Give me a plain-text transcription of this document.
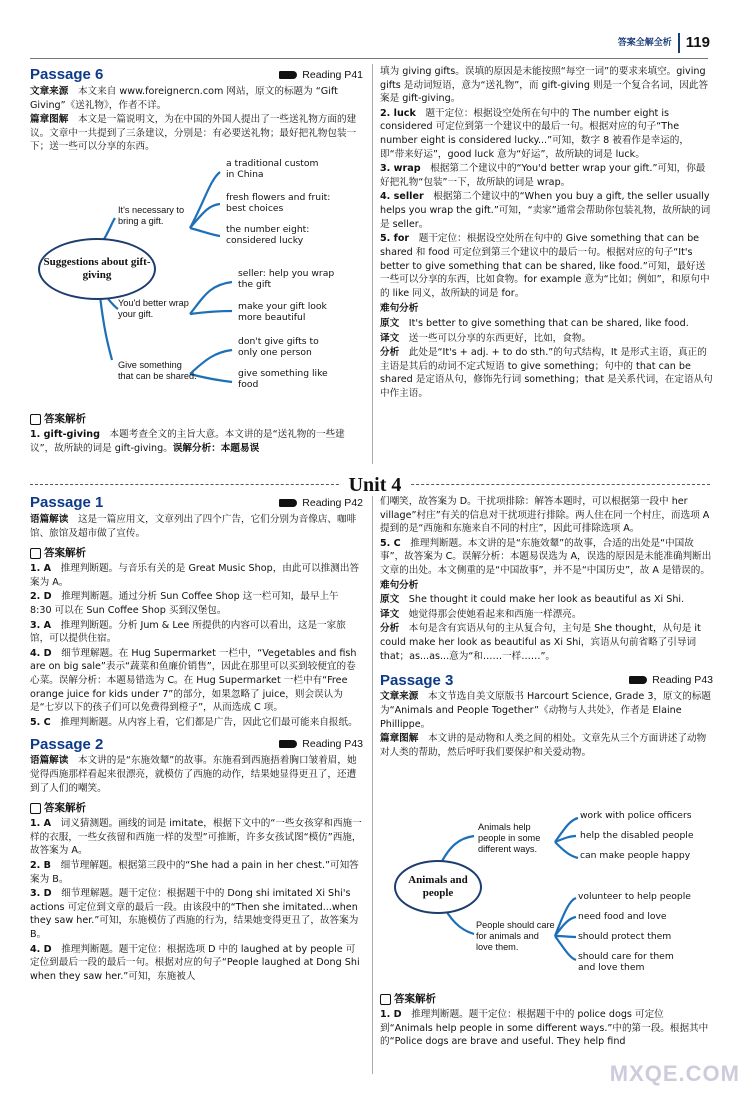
答案全解全析 119
Passage 6	Reading P41
文章来源　本文来自 www.foreignercn.com 网站，原文的标题为 “Gift Giving”《送礼物》，作者不详。
篇章图解　本文是一篇说明文，为在中国的外国人提出了一些送礼物方面的建议。文章中一共提到了三条建议，分别是：有必要送礼物；最好把礼物包装一下；送一些可以分享的东西。
Suggestions about gift-giving
It's necessary to bring a gift.
You'd better wrap your gift.
Give something that can be shared.
a traditional custom in China
fresh flowers and fruit: best choices
the number eight: considered lucky
seller: help you wrap the gift
make your gift look more beautiful
don't give gifts to only one person
give something like food
答案解析
1. gift-giving　本题考查全文的主旨大意。本文讲的是“送礼物的一些建议”，故所缺的词是 gift-giving。误解分析：本题易误
填为 giving gifts。误填的原因是未能按照“每空一词”的要求来填空。giving gifts 是动词短语，意为“送礼物”，而 gift-giving 则是一个复合名词，因此答案是 gift-giving。
2. luck　题干定位：根据设空处所在句中的 The number eight is considered 可定位到第一个建议中的最后一句。根据对应的句子“The number eight is considered lucky...”可知，数字 8 被看作是幸运的，即“带来好运”，good luck 意为“好运”，故所缺的词是 luck。
3. wrap　根据第二个建议中的“You'd better wrap your gift.”可知，你最好把礼物“包装”一下，故所缺的词是 wrap。
4. seller　根据第二个建议中的“When you buy a gift, the seller usually helps you wrap the gift.”可知，“卖家”通常会帮助你包装礼物，故所缺的词是 seller。
5. for　题干定位：根据设空处所在句中的 Give something that can be shared 和 food 可定位到第三个建议中的最后一句。根据对应的句子“It's better to give something that can be shared, like food.”可知，最好送一些可以分享的东西，比如食物。for example 意为“比如；例如”，和原句中的 like 同义，故所缺的词是 for。
难句分析
原文　It's better to give something that can be shared, like food.
译文　送一些可以分享的东西更好，比如，食物。
分析　此处是“It's + adj. + to do sth.”的句式结构，It 是形式主语，真正的主语是其后的动词不定式短语 to give something；句中的 that can be shared 是定语从句，修饰先行词 something；that 是关系代词，在定语从句中作主语。
Unit 4
Passage 1	Reading P42
语篇解读　这是一篇应用文，文章列出了四个广告，它们分别为音像店、咖啡馆、旅馆及超市做了宣传。
答案解析
1. A　推理判断题。与音乐有关的是 Great Music Shop，由此可以推测出答案为 A。
2. D　推理判断题。通过分析 Sun Coffee Shop 这一栏可知，最早上午 8:30 可以在 Sun Coffee Shop 买到汉堡包。
3. A　推理判断题。分析 Jum & Lee 所提供的内容可以看出，这是一家旅馆，可以提供住宿。
4. D　细节理解题。在 Hug Supermarket 一栏中，“Vegetables and fish are on big sale”表示“蔬菜和鱼廉价销售”，因此在那里可以买到较便宜的卷心菜。误解分析：本题易错选为 C。在 Hug Supermarket 一栏中有“Free orange juice for kids under 7”的部分，如果忽略了 juice，则会误认为是“七岁以下的孩子们可以免费得到橙子”，从而选成 C 项。
5. C　推理判断题。从内容上看，它们都是广告，因此它们最可能来自报纸。
Passage 2	Reading P43
语篇解读　本文讲的是“东施效颦”的故事。东施看到西施捂着胸口皱着眉，她觉得西施那样看起来很漂亮，就模仿了西施的动作，结果她显得更丑了，还遭到了人们的嘲笑。
答案解析
1. A　词义猜测题。画线的词是 imitate，根据下文中的“一些女孩穿和西施一样的衣服，一些女孩留和西施一样的发型”可推断，许多女孩试图“模仿”西施，故答案为 A。
2. B　细节理解题。根据第三段中的“She had a pain in her chest.”可知答案为 B。
3. D　细节理解题。题干定位：根据题干中的 Dong shi imitated Xi Shi's actions 可定位到文章的最后一段。由该段中的“Then she imitated...when they saw her.”可知，东施模仿了西施的行为，结果她变得更丑了，故答案为 B。
4. D　推理判断题。题干定位：根据选项 D 中的 laughed at by people 可定位到最后一段的最后一句。根据对应的句子“People laughed at Dong Shi when they saw her.”可知，东施被人
们嘲笑，故答案为 D。干扰项排除：解答本题时，可以根据第一段中 her village”村庄”有关的信息对干扰项进行排除。两人住在同一个村庄，而选项 A 提到的是“西施和东施来自不同的村庄”，因此可排除选项 A。
5. C　推理判断题。本文讲的是“东施效颦”的故事，合适的出处是“中国故事”，故答案为 C。误解分析：本题易误选为 A，误选的原因是未能准确判断出文章的出处。本文侧重的是“中国故事”，并不是“中国历史”，故 A 是错误的。
难句分析
原文　She thought it could make her look as beautiful as Xi Shi.
译文　她觉得那会使她看起来和西施一样漂亮。
分析　本句是含有宾语从句的主从复合句，主句是 She thought，从句是 it could make her look as beautiful as Xi Shi，宾语从句前省略了引导词 that；as...as...意为“和……一样……”。
Passage 3	Reading P43
文章来源　本文节选自美文原版书 Harcourt Science, Grade 3，原文的标题为“Animals and People Together”《动物与人共处》，作者是 Elaine Phillippe。
篇章图解　本文讲的是动物和人类之间的相处。文章先从三个方面讲述了动物对人类的帮助，然后呼吁我们要保护和关爱动物。
Animals and people
Animals help people in some different ways.
People should care for animals and love them.
work with police officers
help the disabled people
can make people happy
volunteer to help people
need food and love
should protect them
should care for them and love them
答案解析
1. D　推理判断题。题干定位：根据题干中的 police dogs 可定位到“Animals help people in some different ways.”中的第一段。根据其中的“Police dogs are brave and useful. They help find
MXQE.COM
